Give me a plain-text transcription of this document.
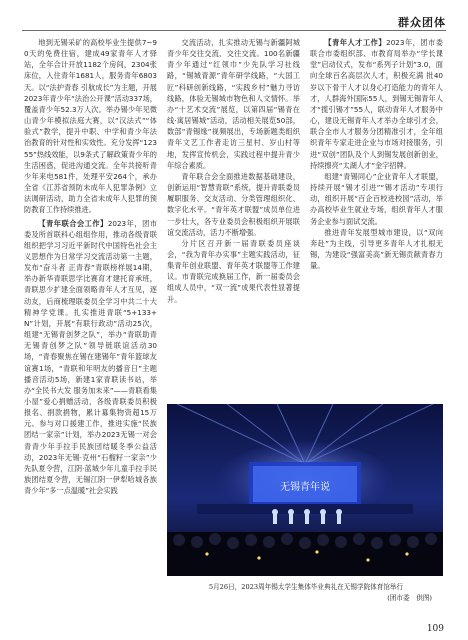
群众团体

地到无锡采矿的高校毕业生提供7~90天的免费住宿，建成49家青年人才驿站，全年合计开放1182个房间，2304张床位，入住青年1681人，服务青年6803天。以“法护青春 引航成长”为主题，开展2023年青少年“法治公开课”活动337场，覆盖青少年52.3万人次。举办锡少年见微山青少年模拟法庭大赛，以“汉法式”“体验式”教学，提升中职、中学和青少年法治教育的针对性和实效性。充分发挥“12355”热线效能，以9条式了解政策青少年的生活困惑，促进沟通交流。全年共接听青少年来电581件，处理平安264个，承办全省《江苏省预防未成年人犯罪条例》立法调研活动，助力全省未成年人犯罪的预防教育工作持续推进。

【青年联合会工作】2023年，团市委及所首联科心组组作用，推动各级青联组织把学习习近平新时代中国特色社会主义思想作为日常学习交流活动第一主题，发布“奋斗者 正青春”青联榜样展14期，举办新华青联思学比赛育才建托育承班，青联思少扩建全面领略青年人才互见，逐动友，后商梳理联委员全学习中共二十大精神学党课。扎实推进青联“5+133+N”计划，开展“有联行政动”活动25次，组建“无锡青创梦之队”，举办“青联助青 无锡青创梦之队”领导链联谊活动30场，“青春聚焦在锡在建锡年”青年篮球友谊赛1场，“青联和年明友的播音日”主题播音活动5场，新建1家青联读书站，举办“全民书大发 服务加未来”——青联看集小屋”爱心捐赠活动，各级青联委员积极报名、捐款捐物，累计募集物资超15万元。参与对口援建工作，推进实施“民族团结一家亲”计划，举办2023无锡一对会青青少年手拉手民族団结暖冬季公益活动，2023年无锡·克州“石榴籽一家亲”少先队夏令营，江阴·蓝城少年儿童手拉手民族团结夏令营，无锡江阴一伊犁哈城各族青少年“多一点温暖”社会实践

交流活动，扎实推动无锡与新疆阿城青少年交往交流、交往交流。100名新疆青少年通过“红领巾”少先队学习社线路，“锡城青源”青年研学线路，“大国工匠”科研创新线路，“实践乡村”魅力寻访线路，体验无锡城市物色和人文情怀。举办“十艺术交流”展览，以第四届“锡青在线·寓居锡城”活动，活动相关展览50部，数部“青锡缘”视频展出，专场新题类组织青年文艺工作者走访三星村、岁山村等地，发挥宣传机会，实践过程中提升青少年综合素质。

青年联合会全面推进数据基础建设，创新运用“智慧青联”系统，提升青联委员履职服务、交友活动、分类管理组织化、数字化水平。“青年英才联盟”成员单位进一步壮大，各专业委员会积极组织开展联谊交流活动，活力不断增强。

分片区召开新一届青联委员座谈会，“我为青年办实事”主题实践活动，征集青年创业联盟、青年英才联盟等工作建议。市青联完成换届工作，新一届委员会组成人员中，“双一流”成果代表性显著提升。

【青年人才工作】2023年，团市委联合市委组织部、市教育局举办“学长课堂”启动仪式，发布“系列子计划”3.0，面向全球百名高层次人才，积极充满 批40岁以下骨干人才以身心打造能力的青年人才，人群海外国际55人，到锡无锡青年人才“揽引锡才”55人，联动青年人才服务中心，建设无锡青年人才举办全球引才会，联合全市人才服务分团精准引才，全年组织青年专家走进企业与市场对接服务，引进“双创”团队及个人到锡发展创新创业，持续擦亮“太湖人才”金字招牌。

组建“青锡同心”企业青年人才联盟，持续开展“锡才引进”“锡才活动”专项行动，组织开展“百企百校进校园”活动，举办高校毕业生就业专场，组织青年人才服务企业参与面试交流。

推进青年发展型城市建设，以“双向奔赴”为主线，引导更多青年人才扎根无锡，为建设“强富美高”新无锡贡献青春力量。

无锡青年说
5月26日，2023周年锡太学生集体毕业典礼在无锡学院体育馆举行
(团市委　供图)
109
